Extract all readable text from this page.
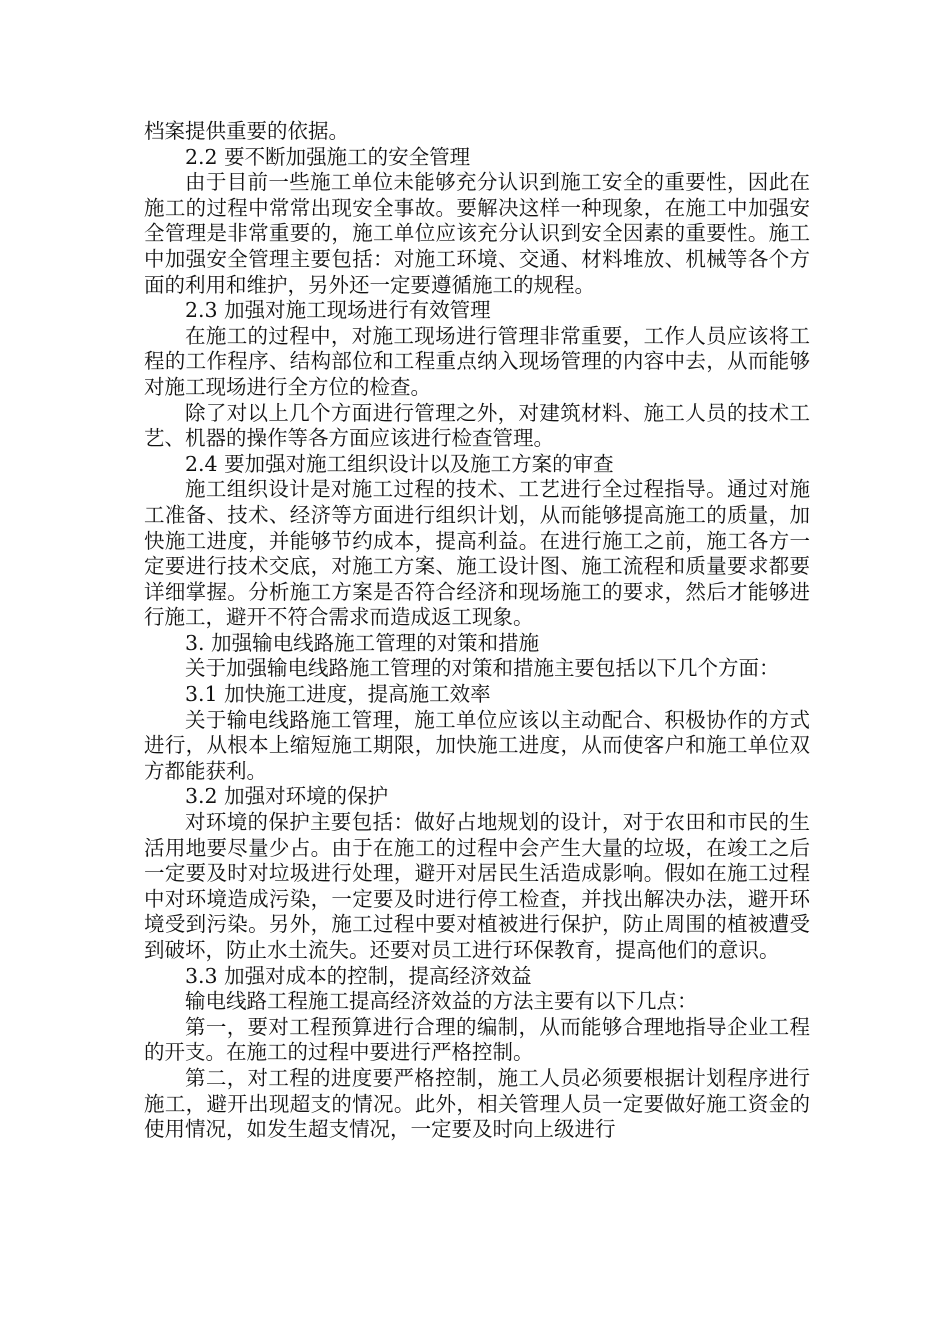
档案提供重要的依据。

2.2 要不断加强施工的安全管理

由于目前一些施工单位未能够充分认识到施工安全的重要性，因此在施工的过程中常常出现安全事故。要解决这样一种现象，在施工中加强安全管理是非常重要的，施工单位应该充分认识到安全因素的重要性。施工中加强安全管理主要包括：对施工环境、交通、材料堆放、机械等各个方面的利用和维护，另外还一定要遵循施工的规程。

2.3 加强对施工现场进行有效管理

在施工的过程中，对施工现场进行管理非常重要，工作人员应该将工程的工作程序、结构部位和工程重点纳入现场管理的内容中去，从而能够对施工现场进行全方位的检查。

除了对以上几个方面进行管理之外，对建筑材料、施工人员的技术工艺、机器的操作等各方面应该进行检查管理。

2.4 要加强对施工组织设计以及施工方案的审查

施工组织设计是对施工过程的技术、工艺进行全过程指导。通过对施工准备、技术、经济等方面进行组织计划，从而能够提高施工的质量，加快施工进度，并能够节约成本，提高利益。在进行施工之前，施工各方一定要进行技术交底，对施工方案、施工设计图、施工流程和质量要求都要详细掌握。分析施工方案是否符合经济和现场施工的要求，然后才能够进行施工，避开不符合需求而造成返工现象。

3. 加强输电线路施工管理的对策和措施

关于加强输电线路施工管理的对策和措施主要包括以下几个方面：

3.1 加快施工进度，提高施工效率

关于输电线路施工管理，施工单位应该以主动配合、积极协作的方式进行，从根本上缩短施工期限，加快施工进度，从而使客户和施工单位双方都能获利。

3.2 加强对环境的保护

对环境的保护主要包括：做好占地规划的设计，对于农田和市民的生活用地要尽量少占。由于在施工的过程中会产生大量的垃圾，在竣工之后一定要及时对垃圾进行处理，避开对居民生活造成影响。假如在施工过程中对环境造成污染，一定要及时进行停工检查，并找出解决办法，避开环境受到污染。另外，施工过程中要对植被进行保护，防止周围的植被遭受到破坏，防止水土流失。还要对员工进行环保教育，提高他们的意识。

3.3 加强对成本的控制，提高经济效益

输电线路工程施工提高经济效益的方法主要有以下几点：

第一，要对工程预算进行合理的编制，从而能够合理地指导企业工程的开支。在施工的过程中要进行严格控制。

第二，对工程的进度要严格控制，施工人员必须要根据计划程序进行施工，避开出现超支的情况。此外，相关管理人员一定要做好施工资金的使用情况，如发生超支情况，一定要及时向上级进行
